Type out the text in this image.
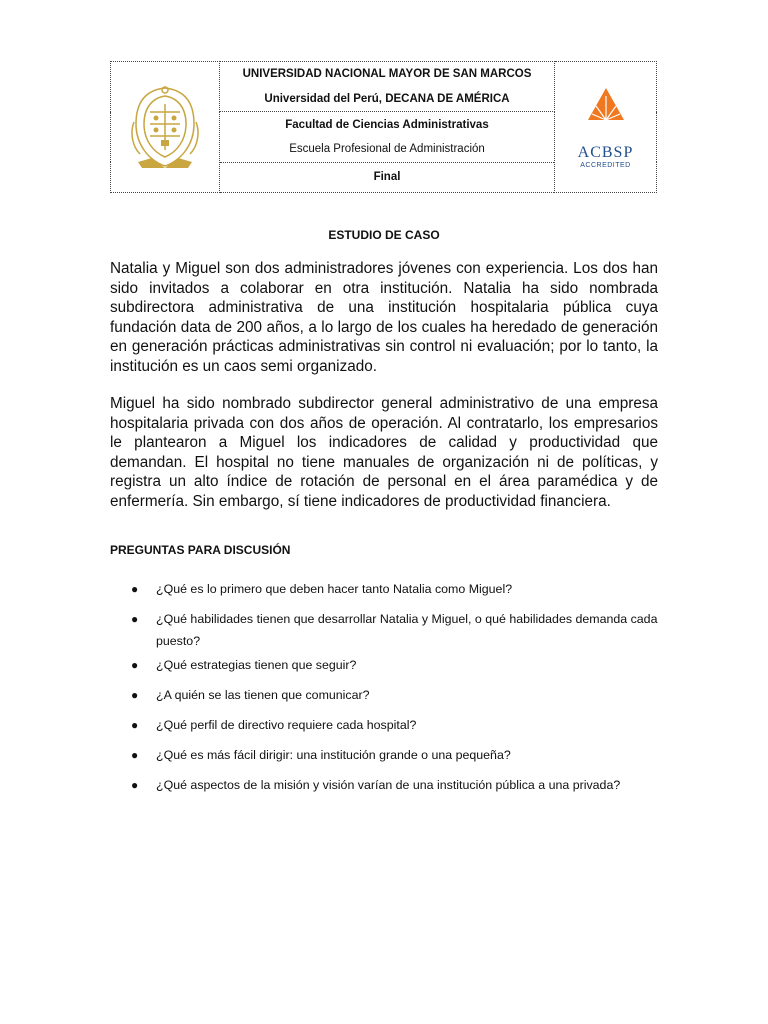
UNIVERSIDAD NACIONAL MAYOR DE SAN MARCOS
Universidad del Perú, DECANA DE AMÉRICA

ACBSP
ACCREDITED

Facultad de Ciencias Administrativas
Escuela Profesional de Administración

Final
ESTUDIO DE CASO

Natalia y Miguel son dos administradores jóvenes con experiencia. Los dos han sido invitados a colaborar en otra institución. Natalia ha sido nombrada subdirectora administrativa de una institución hospitalaria pública cuya fundación data de 200 años, a lo largo de los cuales ha heredado de generación en generación prácticas administrativas sin control ni evaluación; por lo tanto, la institución es un caos semi organizado.

Miguel ha sido nombrado subdirector general administrativo de una empresa hospitalaria privada con dos años de operación. Al contratarlo, los empresarios le plantearon a Miguel los indicadores de calidad y productividad que demandan. El hospital no tiene manuales de organización ni de políticas, y registra un alto índice de rotación de personal en el área paramédica y de enfermería. Sin embargo, sí tiene indicadores de productividad financiera.

PREGUNTAS PARA DISCUSIÓN
● ¿Qué es lo primero que deben hacer tanto Natalia como Miguel?
● ¿Qué habilidades tienen que desarrollar Natalia y Miguel, o qué habilidades demanda cada puesto?
● ¿Qué estrategias tienen que seguir?
● ¿A quién se las tienen que comunicar?
● ¿Qué perfil de directivo requiere cada hospital?
● ¿Qué es más fácil dirigir: una institución grande o una pequeña?
● ¿Qué aspectos de la misión y visión varían de una institución pública a una privada?
